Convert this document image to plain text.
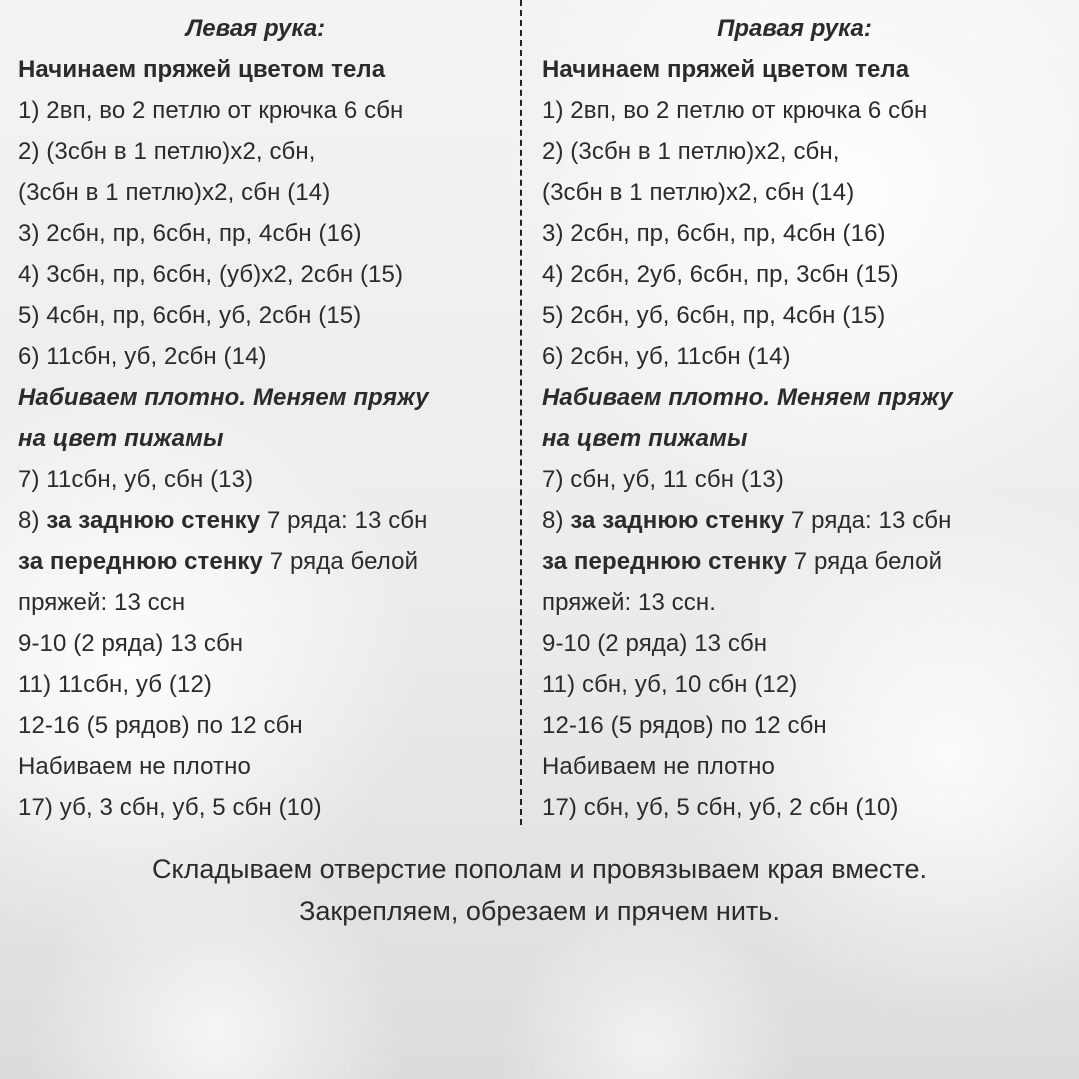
Левая рука:
Начинаем пряжей цветом тела
1) 2вп, во 2 петлю от крючка 6 сбн
2) (3сбн в 1 петлю)х2, сбн,
(3сбн в 1 петлю)х2, сбн (14)
3) 2сбн, пр, 6сбн, пр, 4сбн (16)
4) 3сбн, пр, 6сбн, (уб)х2, 2сбн (15)
5) 4сбн, пр, 6сбн, уб, 2сбн (15)
6) 11сбн, уб, 2сбн (14)
Набиваем плотно. Меняем пряжу
на цвет пижамы
7) 11сбн, уб, сбн (13)
8) за заднюю стенку 7 ряда: 13 сбн
за переднюю стенку 7 ряда белой
пряжей: 13 ссн
9-10 (2 ряда) 13 сбн
11) 11сбн, уб (12)
12-16 (5 рядов) по 12 сбн
Набиваем не плотно
17) уб, 3 сбн, уб, 5 сбн (10)
Правая рука:
Начинаем пряжей цветом тела
1) 2вп, во 2 петлю от крючка 6 сбн
2) (3сбн в 1 петлю)х2, сбн,
(3сбн в 1 петлю)х2, сбн (14)
3) 2сбн, пр, 6сбн, пр, 4сбн (16)
4) 2сбн, 2уб, 6сбн, пр, 3сбн (15)
5) 2сбн, уб, 6сбн, пр, 4сбн (15)
6) 2сбн, уб, 11сбн (14)
Набиваем плотно. Меняем пряжу
на цвет пижамы
7) сбн, уб, 11 сбн (13)
8) за заднюю стенку 7 ряда: 13 сбн
за переднюю стенку 7 ряда белой
пряжей: 13 ссн.
9-10 (2 ряда) 13 сбн
11) сбн, уб, 10 сбн (12)
12-16 (5 рядов) по 12 сбн
Набиваем не плотно
17) сбн, уб, 5 сбн, уб, 2 сбн (10)
Складываем отверстие пополам и провязываем края вместе.
Закрепляем, обрезаем и прячем нить.
